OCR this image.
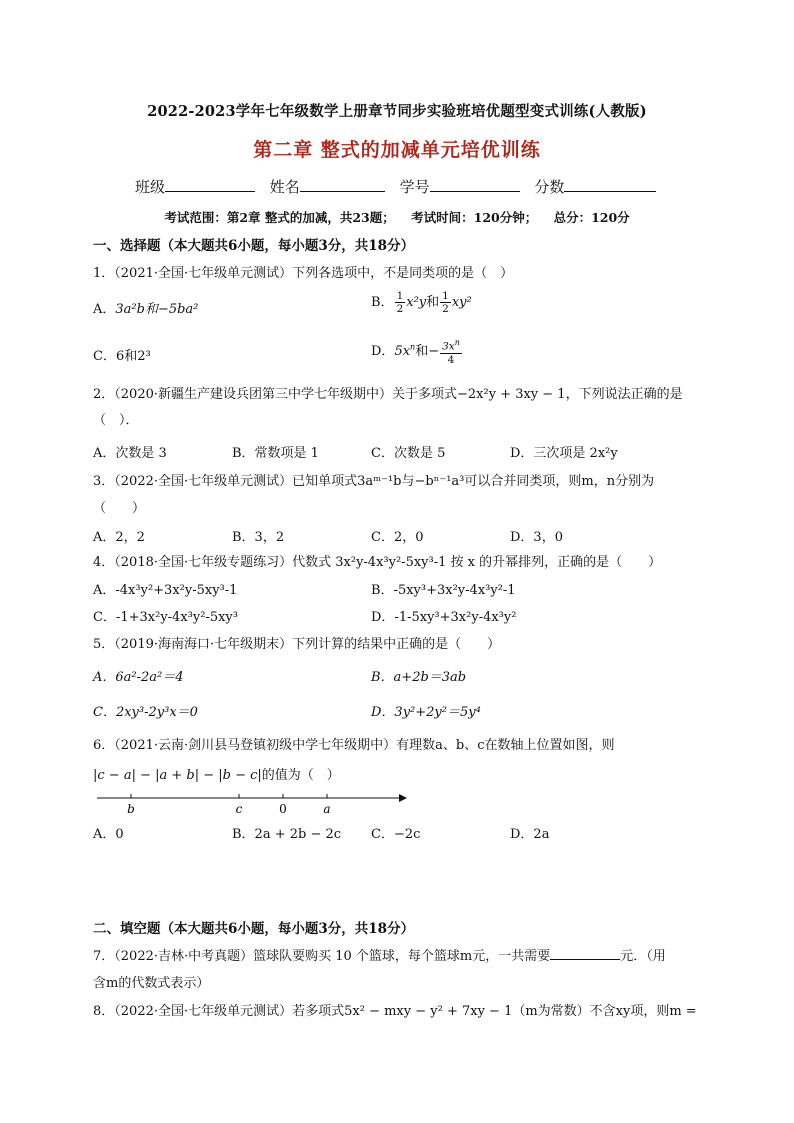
2022-2023学年七年级数学上册章节同步实验班培优题型变式训练(人教版)
第二章 整式的加减单元培优训练
班级	姓名	学号	分数
考试范围：第2章 整式的加减，共23题； 考试时间：120分钟； 总分：120分
一、选择题（本大题共6小题，每小题3分，共18分）
1．（2021·全国·七年级单元测试）下列各选项中，不是同类项的是（　）
A．3a²b和−5ba²	B． $\frac{1}{2} x^2y$和 $\frac{1}{2} xy^2$
C．6和2³	D．$5x^n$和− $\frac{3x^n}{4}$
2．（2020·新疆生产建设兵团第三中学七年级期中）关于多项式−2x²y + 3xy − 1，下列说法正确的是
（　）．
A．次数是 3	B．常数项是 1	C．次数是 5	D．三次项是 2x²y
3．（2022·全国·七年级单元测试）已知单项式3aᵐ⁻¹b与−bⁿ⁻¹a³可以合并同类项，则m，n分别为
（　　）
A．2，2	B．3，2	C．2，0	D．3，0
4．（2018·全国·七年级专题练习）代数式 3x²y-4x³y²-5xy³-1 按 x 的升幂排列，正确的是（　　）
A．-4x³y²+3x²y-5xy³-1	B．-5xy³+3x²y-4x³y²-1
C．-1+3x²y-4x³y²-5xy³	D．-1-5xy³+3x²y-4x³y²
5．（2019·海南海口·七年级期末）下列计算的结果中正确的是（　　）
A．6a²-2a²＝4	B．a+2b＝3ab
C．2xy³-2y³x＝0	D．3y²+2y²＝5y⁴
6．（2021·云南·剑川县马登镇初级中学七年级期中）有理数a、b、c在数轴上位置如图，则
|c − a| − |a + b| − |b − c|的值为（　）
b	c	0	a
A．0	B．2a + 2b − 2c C．−2c	D．2a
二、填空题（本大题共6小题，每小题3分，共18分）
7．（2022·吉林·中考真题）篮球队要购买 10 个篮球，每个篮球m元，一共需要	元．（用
含m的代数式表示）
8．（2022·全国·七年级单元测试）若多项式5x² − mxy − y² + 7xy − 1（m为常数）不含xy项，则m =
